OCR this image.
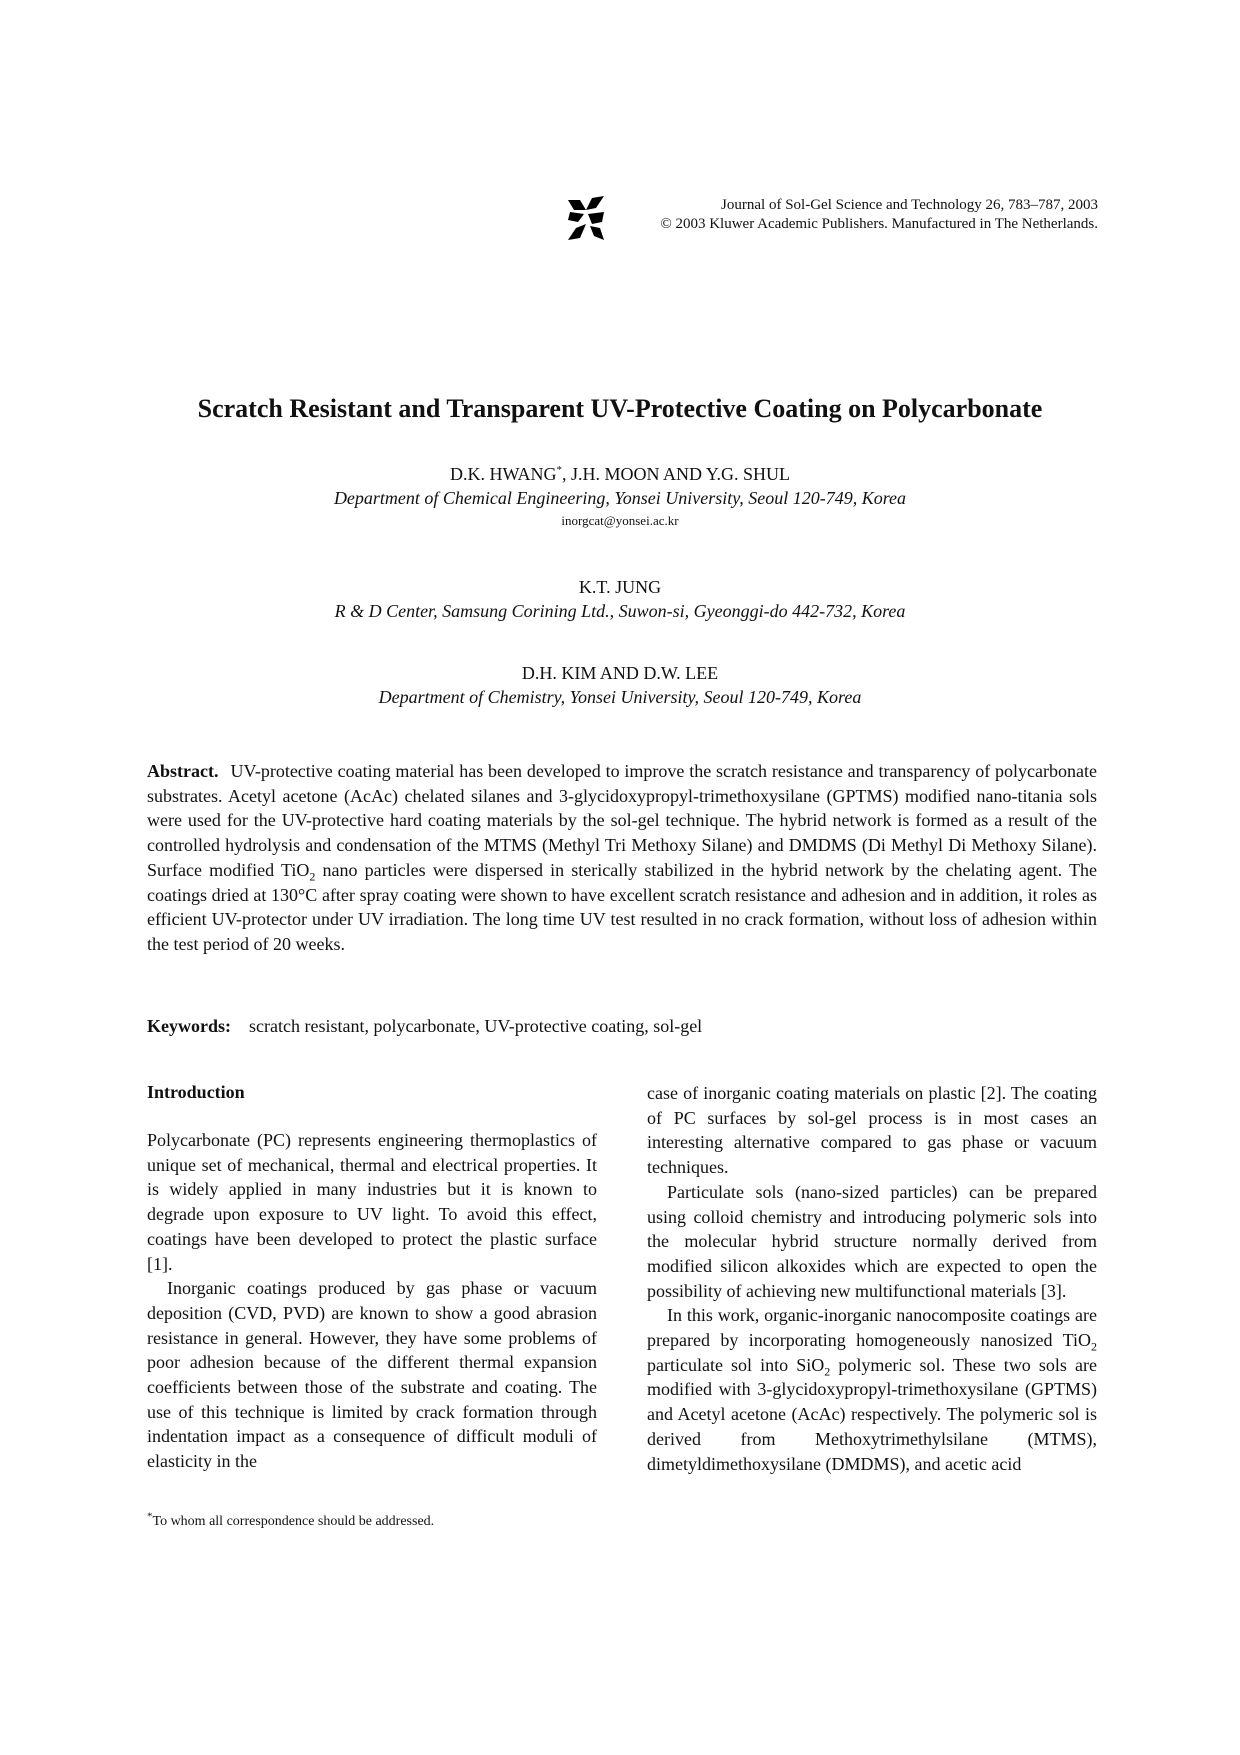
Journal of Sol-Gel Science and Technology 26, 783–787, 2003
© 2003 Kluwer Academic Publishers. Manufactured in The Netherlands.
Scratch Resistant and Transparent UV-Protective Coating on Polycarbonate
D.K. HWANG*, J.H. MOON AND Y.G. SHUL
Department of Chemical Engineering, Yonsei University, Seoul 120-749, Korea
inorgcat@yonsei.ac.kr
K.T. JUNG
R & D Center, Samsung Corining Ltd., Suwon-si, Gyeonggi-do 442-732, Korea
D.H. KIM AND D.W. LEE
Department of Chemistry, Yonsei University, Seoul 120-749, Korea

Abstract. UV-protective coating material has been developed to improve the scratch resistance and transparency of polycarbonate substrates. Acetyl acetone (AcAc) chelated silanes and 3-glycidoxypropyl-trimethoxysilane (GPTMS) modified nano-titania sols were used for the UV-protective hard coating materials by the sol-gel technique. The hybrid network is formed as a result of the controlled hydrolysis and condensation of the MTMS (Methyl Tri Methoxy Silane) and DMDMS (Di Methyl Di Methoxy Silane). Surface modified TiO$_2$ nano particles were dispersed in sterically stabilized in the hybrid network by the chelating agent. The coatings dried at 130°C after spray coating were shown to have excellent scratch resistance and adhesion and in addition, it roles as efficient UV-protector under UV irradiation. The long time UV test resulted in no crack formation, without loss of adhesion within the test period of 20 weeks.

Keywords: scratch resistant, polycarbonate, UV-protective coating, sol-gel

Introduction

Polycarbonate (PC) represents engineering thermoplastics of unique set of mechanical, thermal and electrical properties. It is widely applied in many industries but it is known to degrade upon exposure to UV light. To avoid this effect, coatings have been developed to protect the plastic surface [1].

Inorganic coatings produced by gas phase or vacuum deposition (CVD, PVD) are known to show a good abrasion resistance in general. However, they have some problems of poor adhesion because of the different thermal expansion coefficients between those of the substrate and coating. The use of this technique is limited by crack formation through indentation impact as a consequence of difficult moduli of elasticity in the

case of inorganic coating materials on plastic [2]. The coating of PC surfaces by sol-gel process is in most cases an interesting alternative compared to gas phase or vacuum techniques.

Particulate sols (nano-sized particles) can be prepared using colloid chemistry and introducing polymeric sols into the molecular hybrid structure normally derived from modified silicon alkoxides which are expected to open the possibility of achieving new multifunctional materials [3].

In this work, organic-inorganic nanocomposite coatings are prepared by incorporating homogeneously nanosized TiO$_2$ particulate sol into SiO$_2$ polymeric sol. These two sols are modified with 3-glycidoxypropyl-trimethoxysilane (GPTMS) and Acetyl acetone (AcAc) respectively. The polymeric sol is derived from Methoxytrimethylsilane (MTMS), dimetyldimethoxysilane (DMDMS), and acetic acid

*To whom all correspondence should be addressed.
